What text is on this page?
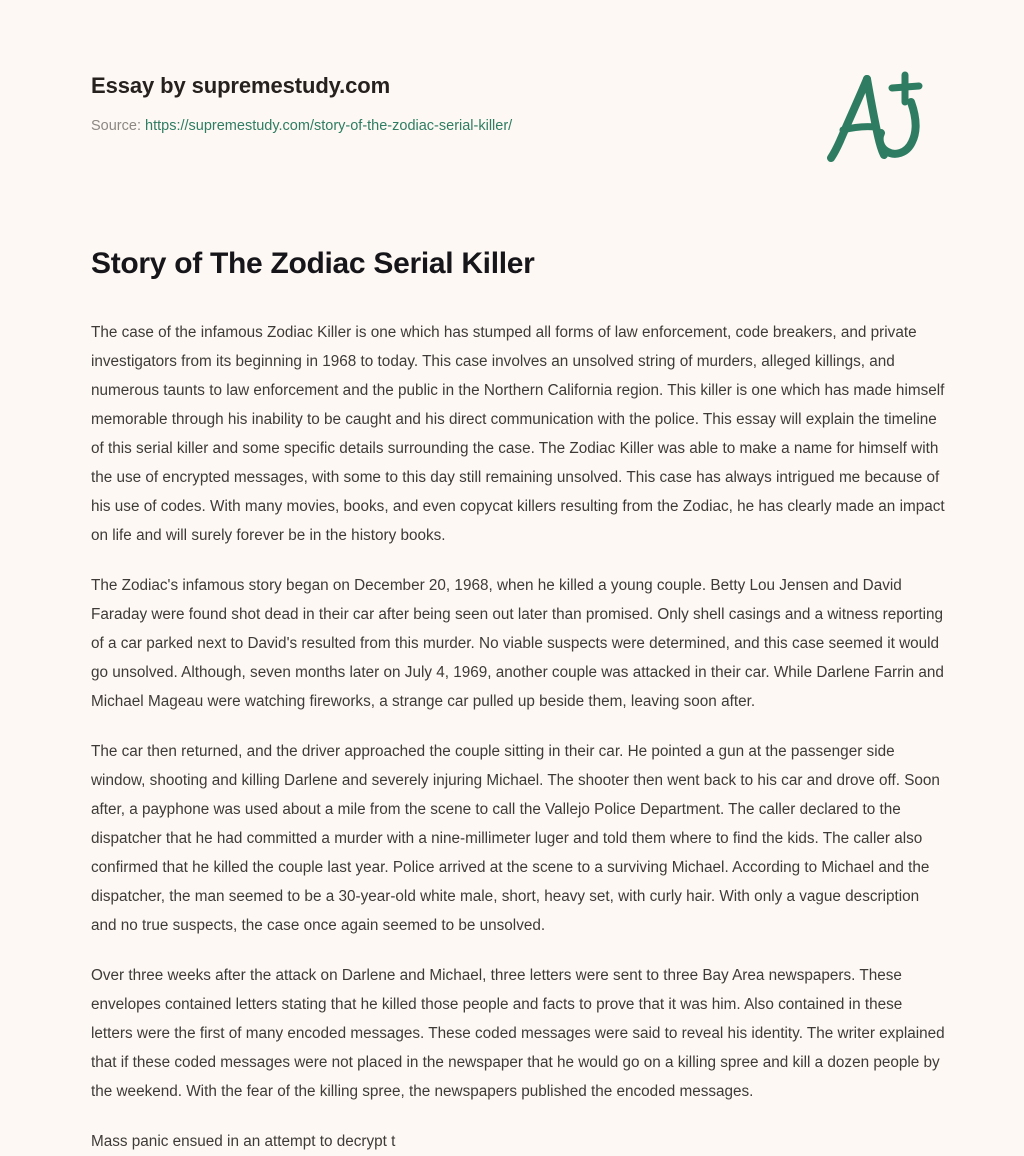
Essay by supremestudy.com
Source: https://supremestudy.com/story-of-the-zodiac-serial-killer/
Story of The Zodiac Serial Killer

The case of the infamous Zodiac Killer is one which has stumped all forms of law enforcement, code breakers, and private investigators from its beginning in 1968 to today. This case involves an unsolved string of murders, alleged killings, and numerous taunts to law enforcement and the public in the Northern California region. This killer is one which has made himself memorable through his inability to be caught and his direct communication with the police. This essay will explain the timeline of this serial killer and some specific details surrounding the case. The Zodiac Killer was able to make a name for himself with the use of encrypted messages, with some to this day still remaining unsolved. This case has always intrigued me because of his use of codes. With many movies, books, and even copycat killers resulting from the Zodiac, he has clearly made an impact on life and will surely forever be in the history books.

The Zodiac's infamous story began on December 20, 1968, when he killed a young couple. Betty Lou Jensen and David Faraday were found shot dead in their car after being seen out later than promised. Only shell casings and a witness reporting of a car parked next to David's resulted from this murder. No viable suspects were determined, and this case seemed it would go unsolved. Although, seven months later on July 4, 1969, another couple was attacked in their car. While Darlene Farrin and Michael Mageau were watching fireworks, a strange car pulled up beside them, leaving soon after.

The car then returned, and the driver approached the couple sitting in their car. He pointed a gun at the passenger side window, shooting and killing Darlene and severely injuring Michael. The shooter then went back to his car and drove off. Soon after, a payphone was used about a mile from the scene to call the Vallejo Police Department. The caller declared to the dispatcher that he had committed a murder with a nine-millimeter luger and told them where to find the kids. The caller also confirmed that he killed the couple last year. Police arrived at the scene to a surviving Michael. According to Michael and the dispatcher, the man seemed to be a 30-year-old white male, short, heavy set, with curly hair. With only a vague description and no true suspects, the case once again seemed to be unsolved.

Over three weeks after the attack on Darlene and Michael, three letters were sent to three Bay Area newspapers. These envelopes contained letters stating that he killed those people and facts to prove that it was him. Also contained in these letters were the first of many encoded messages. These coded messages were said to reveal his identity. The writer explained that if these coded messages were not placed in the newspaper that he would go on a killing spree and kill a dozen people by the weekend. With the fear of the killing spree, the newspapers published the encoded messages.

Mass panic ensued in an attempt to decrypt t
